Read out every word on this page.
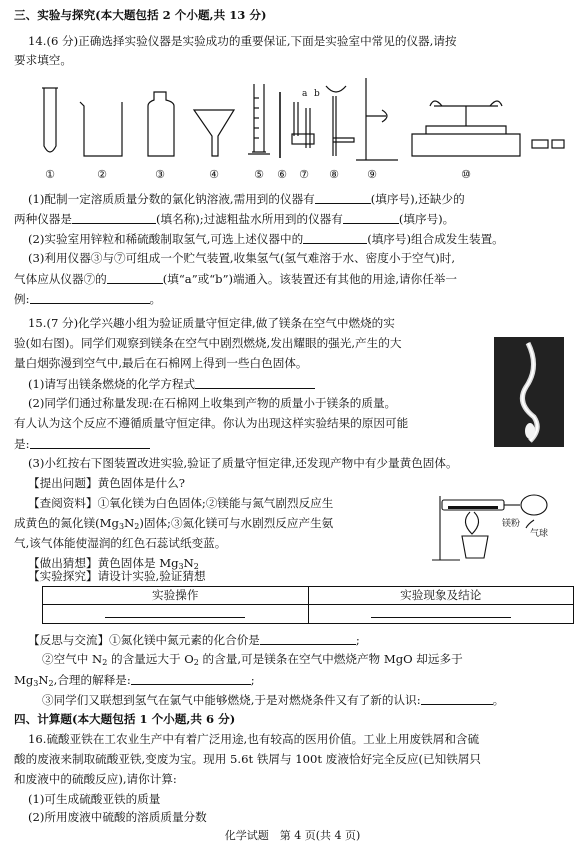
三、实验与探究(本大题包括 2 个小题,共 13 分)
14.(6 分)正确选择实验仪器是实验成功的重要保证,下面是实验室中常见的仪器,请按
要求填空。
a b
①	②	③	④	⑤ ⑥ ⑦ ⑧	⑨	⑩
(1)配制一定溶质质量分数的氯化钠溶液,需用到的仪器有	(填序号),还缺少的
两种仪器是	(填名称);过滤粗盐水所用到的仪器有	(填序号)。
(2)实验室用锌粒和稀硫酸制取氢气,可选上述仪器中的	(填序号)组合成发生装置。
(3)利用仪器③与⑦可组成一个贮气装置,收集氢气(氢气难溶于水、密度小于空气)时,
气体应从仪器⑦的	(填“a”或“b”)端通入。该装置还有其他的用途,请你任举一
例:	。
15.(7 分)化学兴趣小组为验证质量守恒定律,做了镁条在空气中燃烧的实
验(如右图)。同学们观察到镁条在空气中剧烈燃烧,发出耀眼的强光,产生的大
量白烟弥漫到空气中,最后在石棉网上得到一些白色固体。
(1)请写出镁条燃烧的化学方程式
(2)同学们通过称量发现:在石棉网上收集到产物的质量小于镁条的质量。
有人认为这个反应不遵循质量守恒定律。你认为出现这样实验结果的原因可能
是:
(3)小红按右下图装置改进实验,验证了质量守恒定律,还发现产物中有少量黄色固体。
【提出问题】黄色固体是什么?
【查阅资料】①氧化镁为白色固体;②镁能与氮气剧烈反应生
成黄色的氮化镁$(Mg_3N_2)$固体;③氮化镁可与水剧烈反应产生氨
气,该气体能使湿润的红色石蕊试纸变蓝。
镁粉
气球
【做出猜想】黄色固体是 $Mg_3N_2$
【实验探究】请设计实验,验证猜想
实验操作	实验现象及结论

【反思与交流】①氮化镁中氮元素的化合价是	;
②空气中 $N_2$ 的含量远大于 $O_2$ 的含量,可是镁条在空气中燃烧产物 MgO 却远多于
$Mg_3N_2$,合理的解释是:	;
③同学们又联想到氢气在氯气中能够燃烧,于是对燃烧条件又有了新的认识:	。
四、计算题(本大题包括 1 个小题,共 6 分)
16.硫酸亚铁在工农业生产中有着广泛用途,也有较高的医用价值。工业上用废铁屑和含硫
酸的废液来制取硫酸亚铁,变废为宝。现用 5.6t 铁屑与 100t 废液恰好完全反应(已知铁屑只
和废液中的硫酸反应),请你计算:
(1)可生成硫酸亚铁的质量
(2)所用废液中硫酸的溶质质量分数
化学试题　第 4 页(共 4 页)
